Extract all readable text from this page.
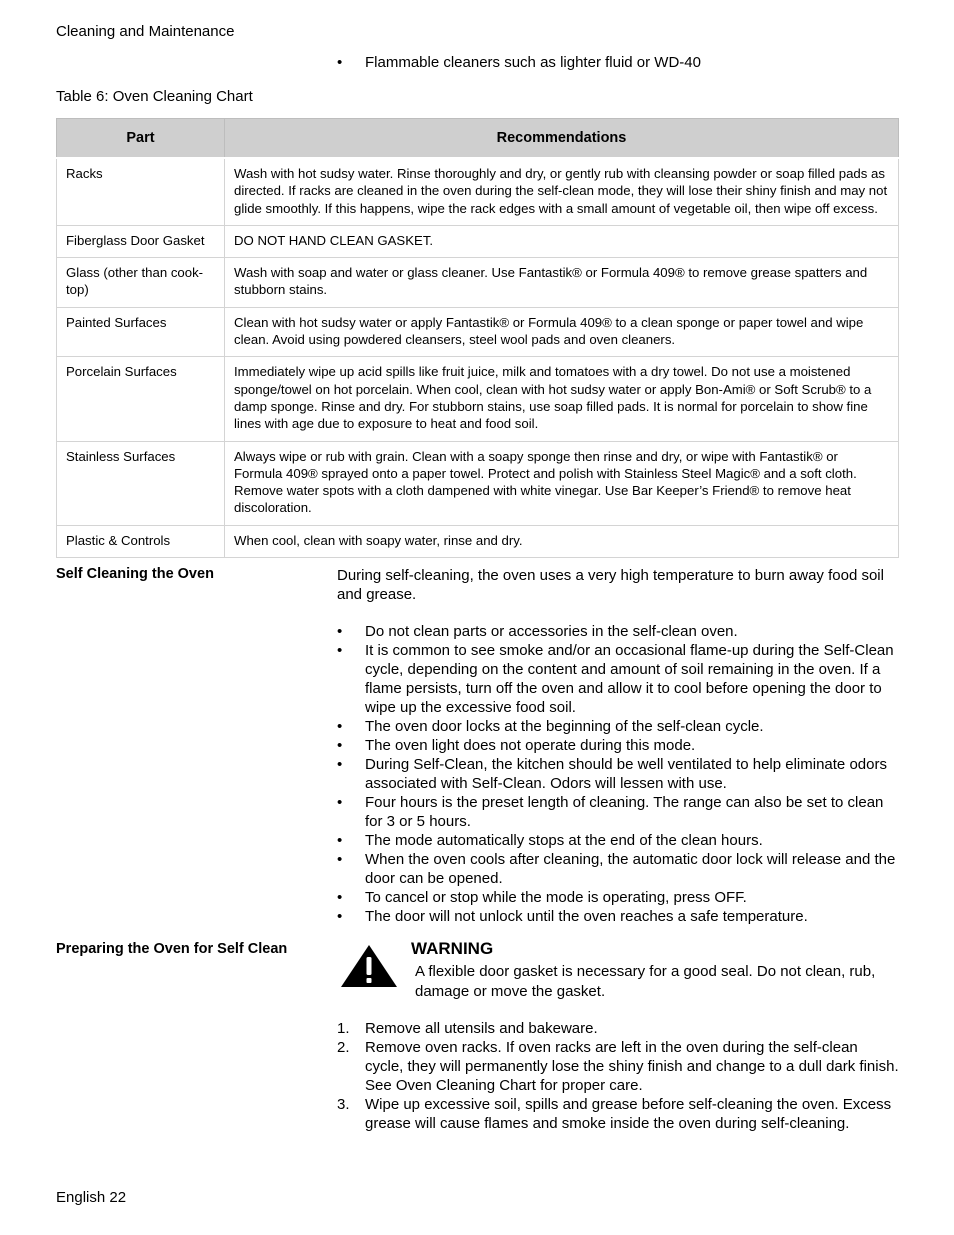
Cleaning and Maintenance
• Flammable cleaners such as lighter fluid or WD-40
Table 6: Oven Cleaning Chart
Part	Recommendations
Racks	Wash with hot sudsy water. Rinse thoroughly and dry, or gently rub with cleansing powder or soap filled pads as directed. If racks are cleaned in the oven during the self-clean mode, they will lose their shiny finish and may not glide smoothly. If this happens, wipe the rack edges with a small amount of vegetable oil, then wipe off excess.
Fiberglass Door Gasket	DO NOT HAND CLEAN GASKET.
Glass (other than cook-top)	Wash with soap and water or glass cleaner. Use Fantastik® or Formula 409® to remove grease spatters and stubborn stains.
Painted Surfaces	Clean with hot sudsy water or apply Fantastik® or Formula 409® to a clean sponge or paper towel and wipe clean. Avoid using powdered cleansers, steel wool pads and oven cleaners.
Porcelain Surfaces	Immediately wipe up acid spills like fruit juice, milk and tomatoes with a dry towel. Do not use a moistened sponge/towel on hot porcelain. When cool, clean with hot sudsy water or apply Bon-Ami® or Soft Scrub® to a damp sponge. Rinse and dry. For stubborn stains, use soap filled pads. It is normal for porcelain to show fine lines with age due to exposure to heat and food soil.
Stainless Surfaces	Always wipe or rub with grain. Clean with a soapy sponge then rinse and dry, or wipe with Fantastik® or Formula 409® sprayed onto a paper towel. Protect and polish with Stainless Steel Magic® and a soft cloth. Remove water spots with a cloth dampened with white vinegar. Use Bar Keeper’s Friend® to remove heat discoloration.
Plastic & Controls	When cool, clean with soapy water, rinse and dry.
Self Cleaning the Oven	During self-cleaning, the oven uses a very high temperature to burn away food soil and grease.

• Do not clean parts or accessories in the self-clean oven.
• It is common to see smoke and/or an occasional flame-up during the Self-Clean cycle, depending on the content and amount of soil remaining in the oven. If a flame persists, turn off the oven and allow it to cool before opening the door to wipe up the excessive food soil.
• The oven door locks at the beginning of the self-clean cycle.
• The oven light does not operate during this mode.
• During Self-Clean, the kitchen should be well ventilated to help eliminate odors associated with Self-Clean. Odors will lessen with use.
• Four hours is the preset length of cleaning. The range can also be set to clean for 3 or 5 hours.
• The mode automatically stops at the end of the clean hours.
• When the oven cools after cleaning, the automatic door lock will release and the door can be opened.
• To cancel or stop while the mode is operating, press OFF.
• The door will not unlock until the oven reaches a safe temperature.
Preparing the Oven for Self Clean	WARNING
A flexible door gasket is necessary for a good seal. Do not clean, rub, damage or move the gasket.
1. Remove all utensils and bakeware.
2. Remove oven racks. If oven racks are left in the oven during the self-clean cycle, they will permanently lose the shiny finish and change to a dull dark finish. See Oven Cleaning Chart for proper care.
3. Wipe up excessive soil, spills and grease before self-cleaning the oven. Excess grease will cause flames and smoke inside the oven during self-cleaning.
English 22
